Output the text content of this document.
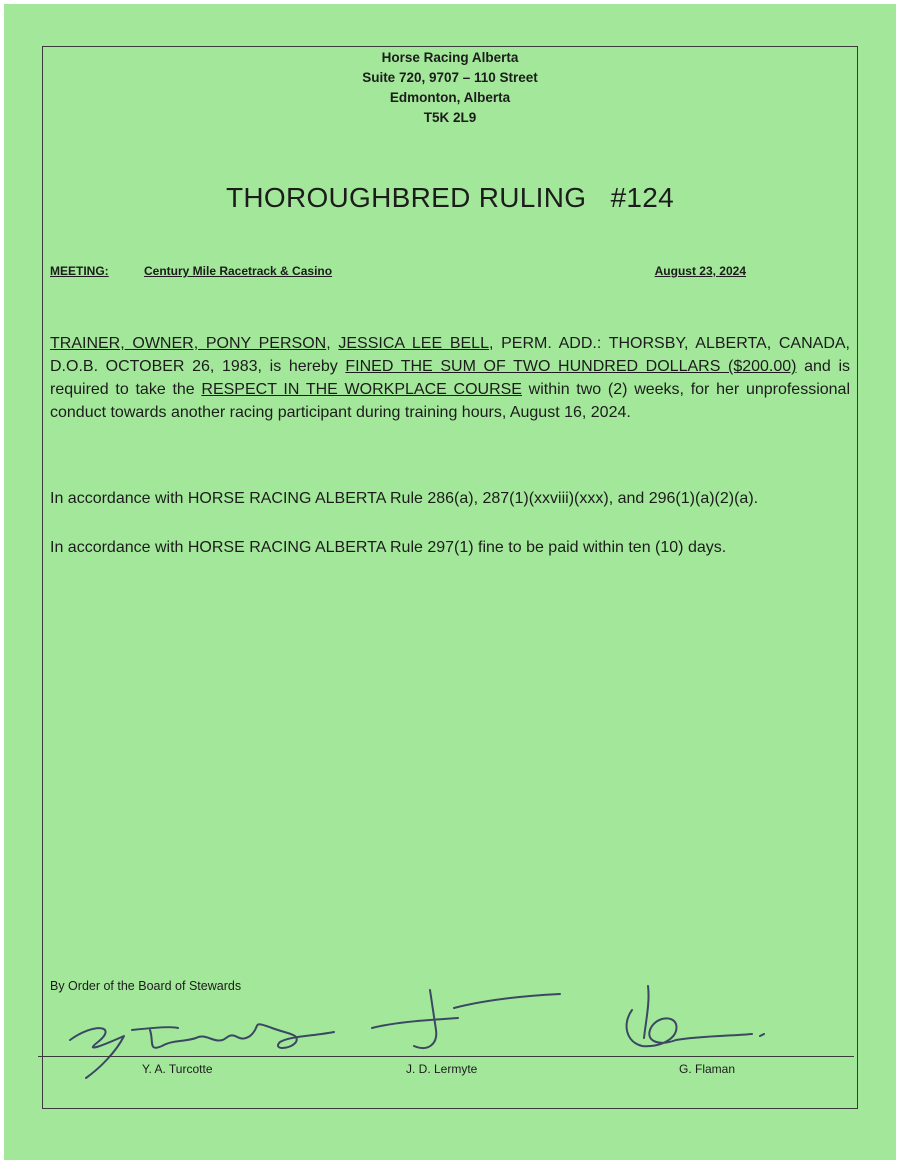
Horse Racing Alberta
Suite 720, 9707 – 110 Street
Edmonton, Alberta
T5K 2L9
THOROUGHBRED RULING   #124
MEETING:	Century Mile Racetrack & Casino	August 23, 2024
TRAINER, OWNER, PONY PERSON, JESSICA LEE BELL, PERM. ADD.: THORSBY, ALBERTA, CANADA, D.O.B. OCTOBER 26, 1983, is hereby FINED THE SUM OF TWO HUNDRED DOLLARS ($200.00) and is required to take the RESPECT IN THE WORKPLACE COURSE within two (2) weeks, for her unprofessional conduct towards another racing participant during training hours, August 16, 2024.
In accordance with HORSE RACING ALBERTA Rule 286(a), 287(1)(xxviii)(xxx), and 296(1)(a)(2)(a).
In accordance with HORSE RACING ALBERTA Rule 297(1) fine to be paid within ten (10) days.
By Order of the Board of Stewards
Y. A. Turcotte	J. D. Lermyte	G. Flaman
